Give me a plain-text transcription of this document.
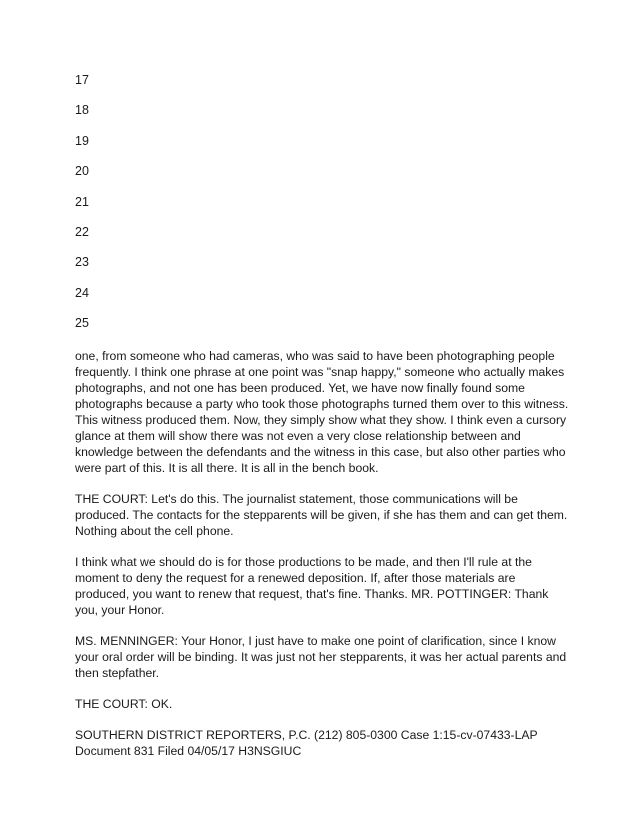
17
18
19
20
21
22
23
24
25

one, from someone who had cameras, who was said to have been photographing people frequently. I think one phrase at one point was "snap happy," someone who actually makes photographs, and not one has been produced. Yet, we have now finally found some photographs because a party who took those photographs turned them over to this witness. This witness produced them. Now, they simply show what they show. I think even a cursory glance at them will show there was not even a very close relationship between and knowledge between the defendants and the witness in this case, but also other parties who were part of this. It is all there. It is all in the bench book.

THE COURT: Let's do this. The journalist statement, those communications will be produced. The contacts for the stepparents will be given, if she has them and can get them. Nothing about the cell phone.

I think what we should do is for those productions to be made, and then I'll rule at the moment to deny the request for a renewed deposition. If, after those materials are produced, you want to renew that request, that's fine. Thanks. MR. POTTINGER: Thank you, your Honor.

MS. MENNINGER: Your Honor, I just have to make one point of clarification, since I know your oral order will be binding. It was just not her stepparents, it was her actual parents and then stepfather.

THE COURT: OK.

SOUTHERN DISTRICT REPORTERS, P.C. (212) 805-0300 Case 1:15-cv-07433-LAP Document 831 Filed 04/05/17 H3NSGIUC
